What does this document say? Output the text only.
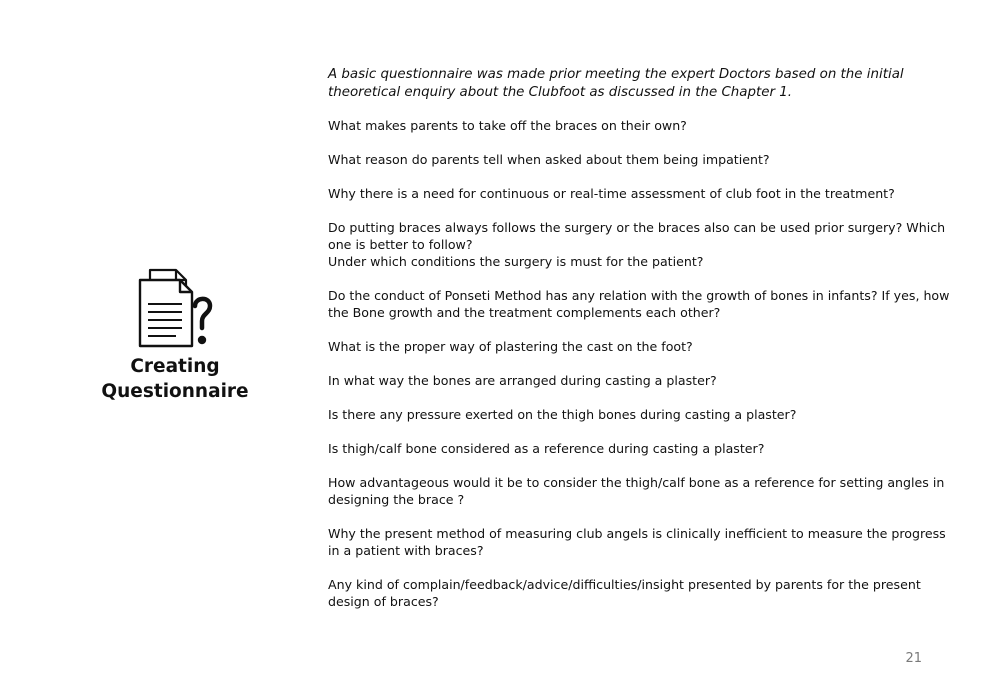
Creating
Questionnaire

A basic questionnaire was made prior meeting the expert Doctors based on the initial theoretical enquiry about the Clubfoot as discussed in the Chapter 1.

What makes parents to take off the braces on their own?
What reason do parents tell when asked about them being impatient?
Why there is a need for continuous or real-time assessment of club foot in the treatment?
Do putting braces always follows the surgery or the braces also can be used prior surgery? Which one is better to follow?
Under which conditions the surgery is must for the patient?
Do the conduct of Ponseti Method has any relation with the growth of bones in infants? If yes, how the Bone growth and the treatment complements each other?
What is the proper way of plastering the cast on the foot?
In what way the bones are arranged during casting a plaster?
Is there any pressure exerted on the thigh bones during casting a plaster?
Is thigh/calf bone considered as a reference during casting a plaster?
How advantageous would it be to consider the thigh/calf bone as a reference for setting angles in designing the brace ?
Why the present method of measuring club angels is clinically inefficient to measure the progress in a patient with braces?
Any kind of complain/feedback/advice/difficulties/insight presented by parents for the present design of braces?
21
